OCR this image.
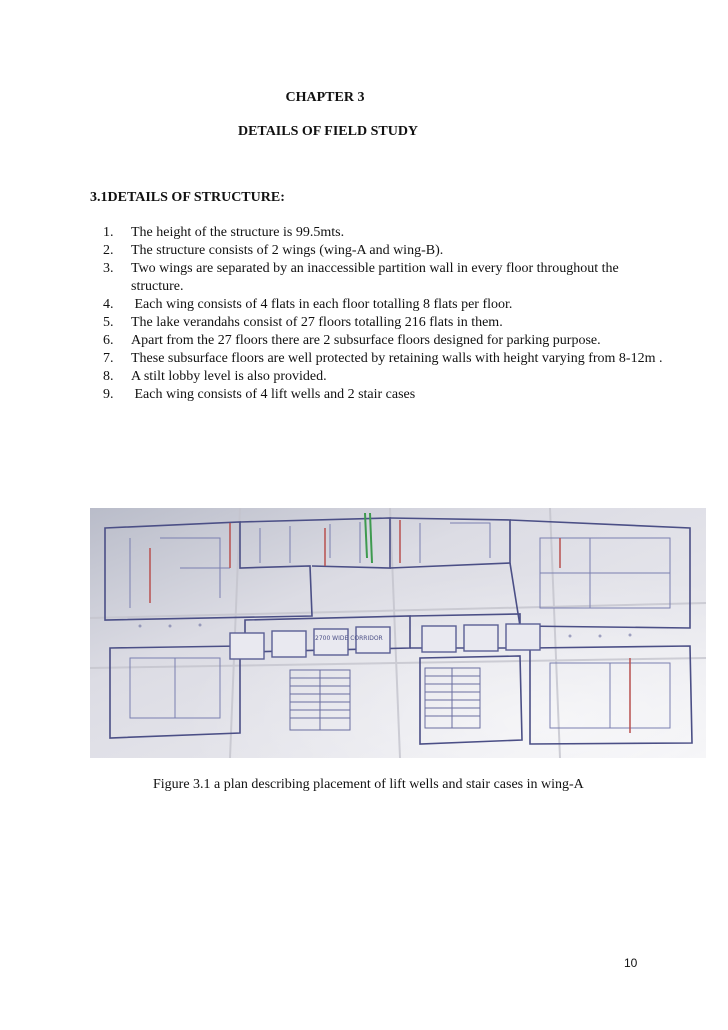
CHAPTER 3
DETAILS OF FIELD STUDY
3.1DETAILS OF STRUCTURE:
1. The height of the structure is 99.5mts.
2. The structure consists of 2 wings (wing-A and wing-B).
3. Two wings are separated by an inaccessible partition wall in every floor throughout the structure.
4. Each wing consists of 4 flats in each floor totalling 8 flats per floor.
5. The lake verandahs consist of 27 floors totalling 216 flats in them.
6. Apart from the 27 floors there are 2 subsurface floors designed for parking purpose.
7. These subsurface floors are well protected by retaining walls with height varying from 8-12m .
8. A stilt lobby level is also provided.
9. Each wing consists of 4 lift wells and 2 stair cases
2700 WIDE CORRIDOR
Figure 3.1 a plan describing placement of lift wells and stair cases in wing-A
10
